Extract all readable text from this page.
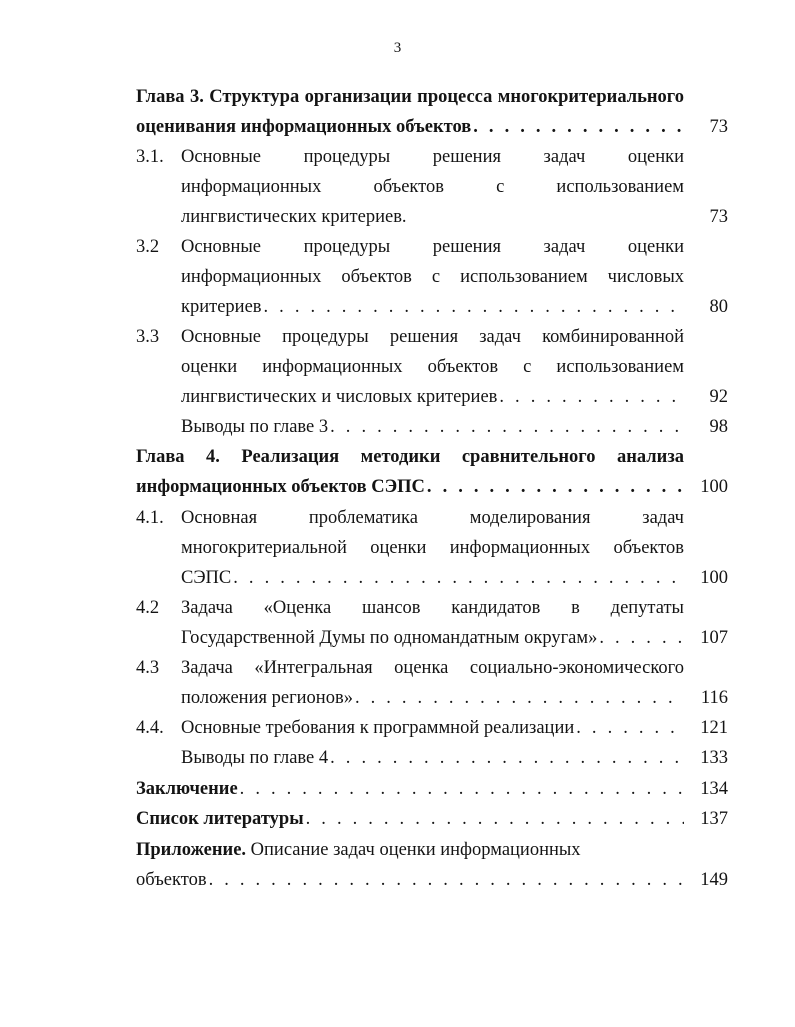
3
Глава 3. Структура организации процесса многокритериального
оценивания информационных объектов . . .	73
3.1. Основные процедуры решения задач оценки
информационных объектов с использованием
лингвистических критериев.	73
3.2 Основные процедуры решения задач оценки
информационных объектов с использованием числовых
критериев . . .	80
3.3 Основные процедуры решения задач комбинированной
оценки информационных объектов с использованием
лингвистических и числовых критериев . . .	92
Выводы по главе 3 . . .	98
Глава 4. Реализация методики сравнительного анализа
информационных объектов СЭПС . . .	100
4.1. Основная проблематика моделирования задач
многокритериальной оценки информационных объектов
СЭПС . . .	100
4.2 Задача «Оценка шансов кандидатов в депутаты
Государственной Думы по одномандатным округам» . . .	107
4.3 Задача «Интегральная оценка социально-экономического
положения регионов» . . .	116
4.4. Основные требования к программной реализации . . .	121
Выводы по главе 4 . . .	133
Заключение . . .	134
Список литературы . . .	137
Приложение. Описание задач оценки информационных
объектов . . .	149
